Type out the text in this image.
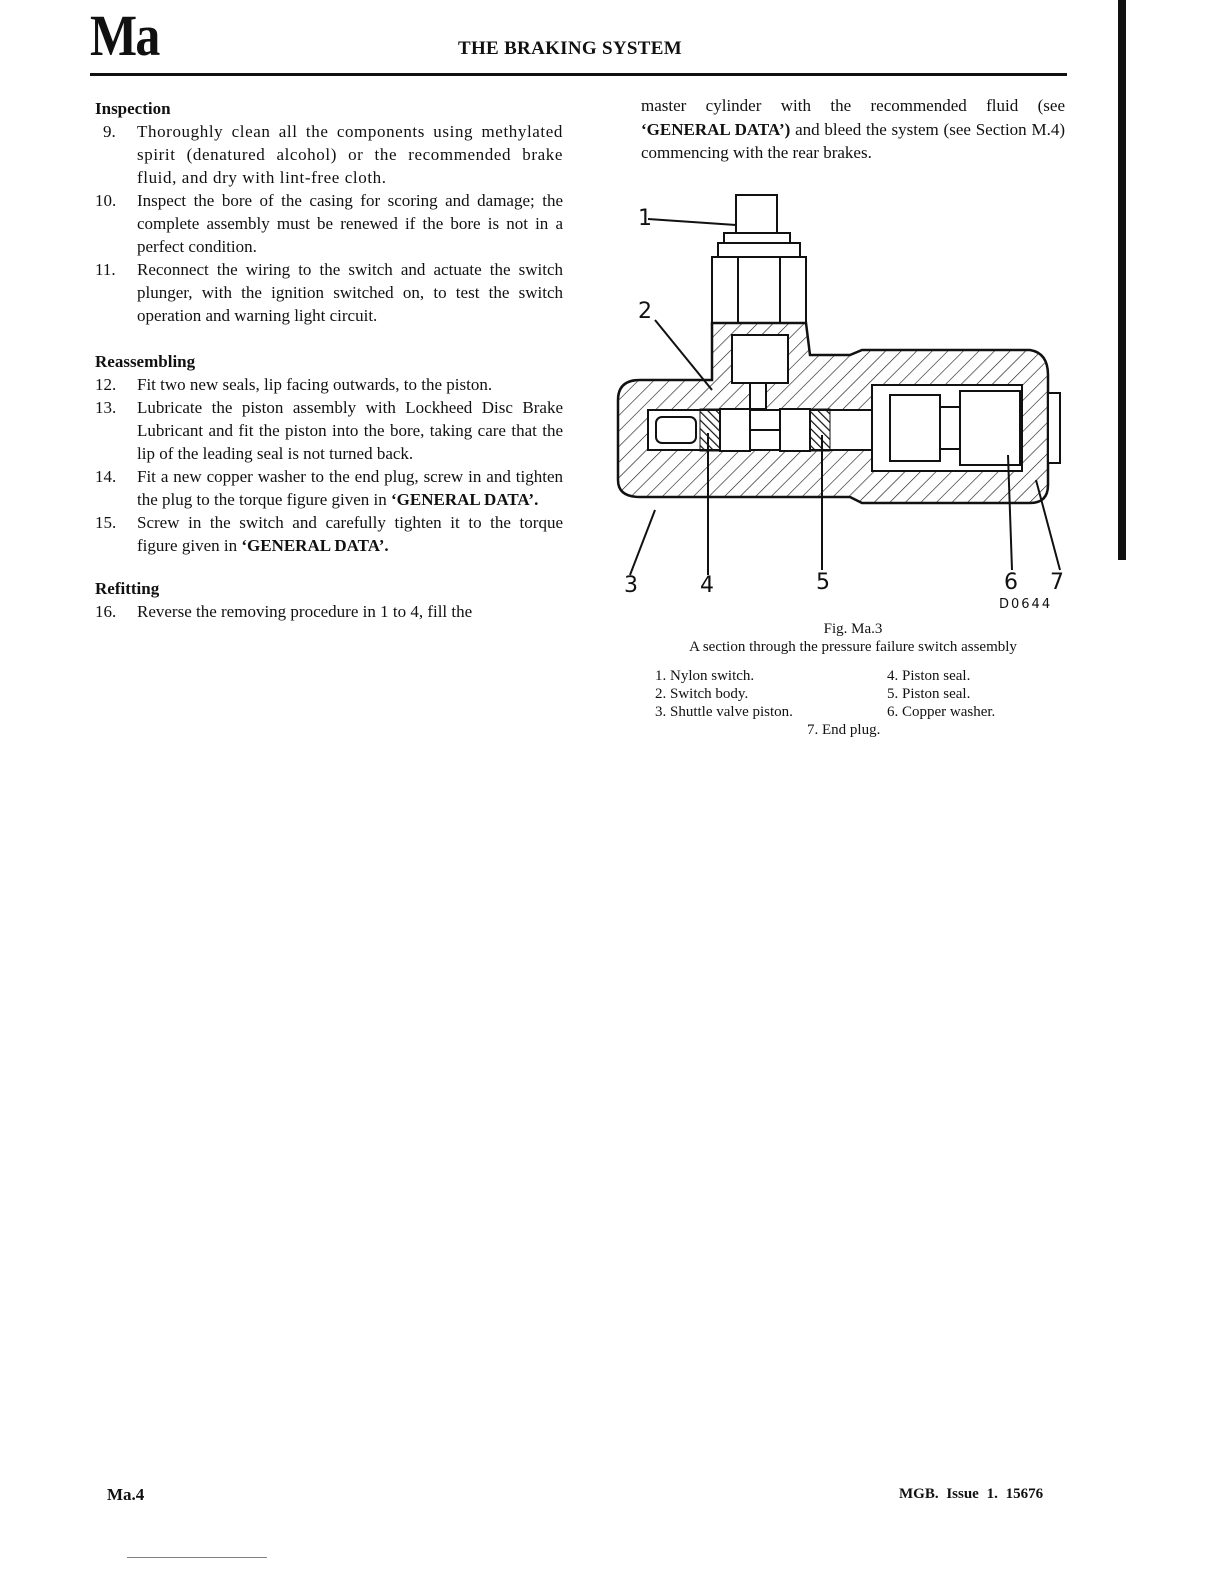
Ma	THE BRAKING SYSTEM
Inspection
9.	Thoroughly clean all the components using methylated spirit (denatured alcohol) or the recommended brake fluid, and dry with lint-free cloth.
10.	Inspect the bore of the casing for scoring and damage; the complete assembly must be renewed if the bore is not in a perfect condition.
11.	Reconnect the wiring to the switch and actuate the switch plunger, with the ignition switched on, to test the switch operation and warning light circuit.
Reassembling
12.	Fit two new seals, lip facing outwards, to the piston.
13.	Lubricate the piston assembly with Lockheed Disc Brake Lubricant and fit the piston into the bore, taking care that the lip of the leading seal is not turned back.
14.	Fit a new copper washer to the end plug, screw in and tighten the plug to the torque figure given in ‘GENERAL DATA’.
15.	Screw in the switch and carefully tighten it to the torque figure given in ‘GENERAL DATA’.
Refitting
16.	Reverse the removing procedure in 1 to 4, fill the
master cylinder with the recommended fluid (see ‘GENERAL DATA’) and bleed the system (see Section M.4) commencing with the rear brakes.
1
2
3	4	5	6 7
D0644
Fig. Ma.3
A section through the pressure failure switch assembly
1. Nylon switch.	4. Piston seal.
2. Switch body.	5. Piston seal.
3. Shuttle valve piston.	6. Copper washer.
7. End plug.
Ma.4	MGB. Issue 1. 15676
